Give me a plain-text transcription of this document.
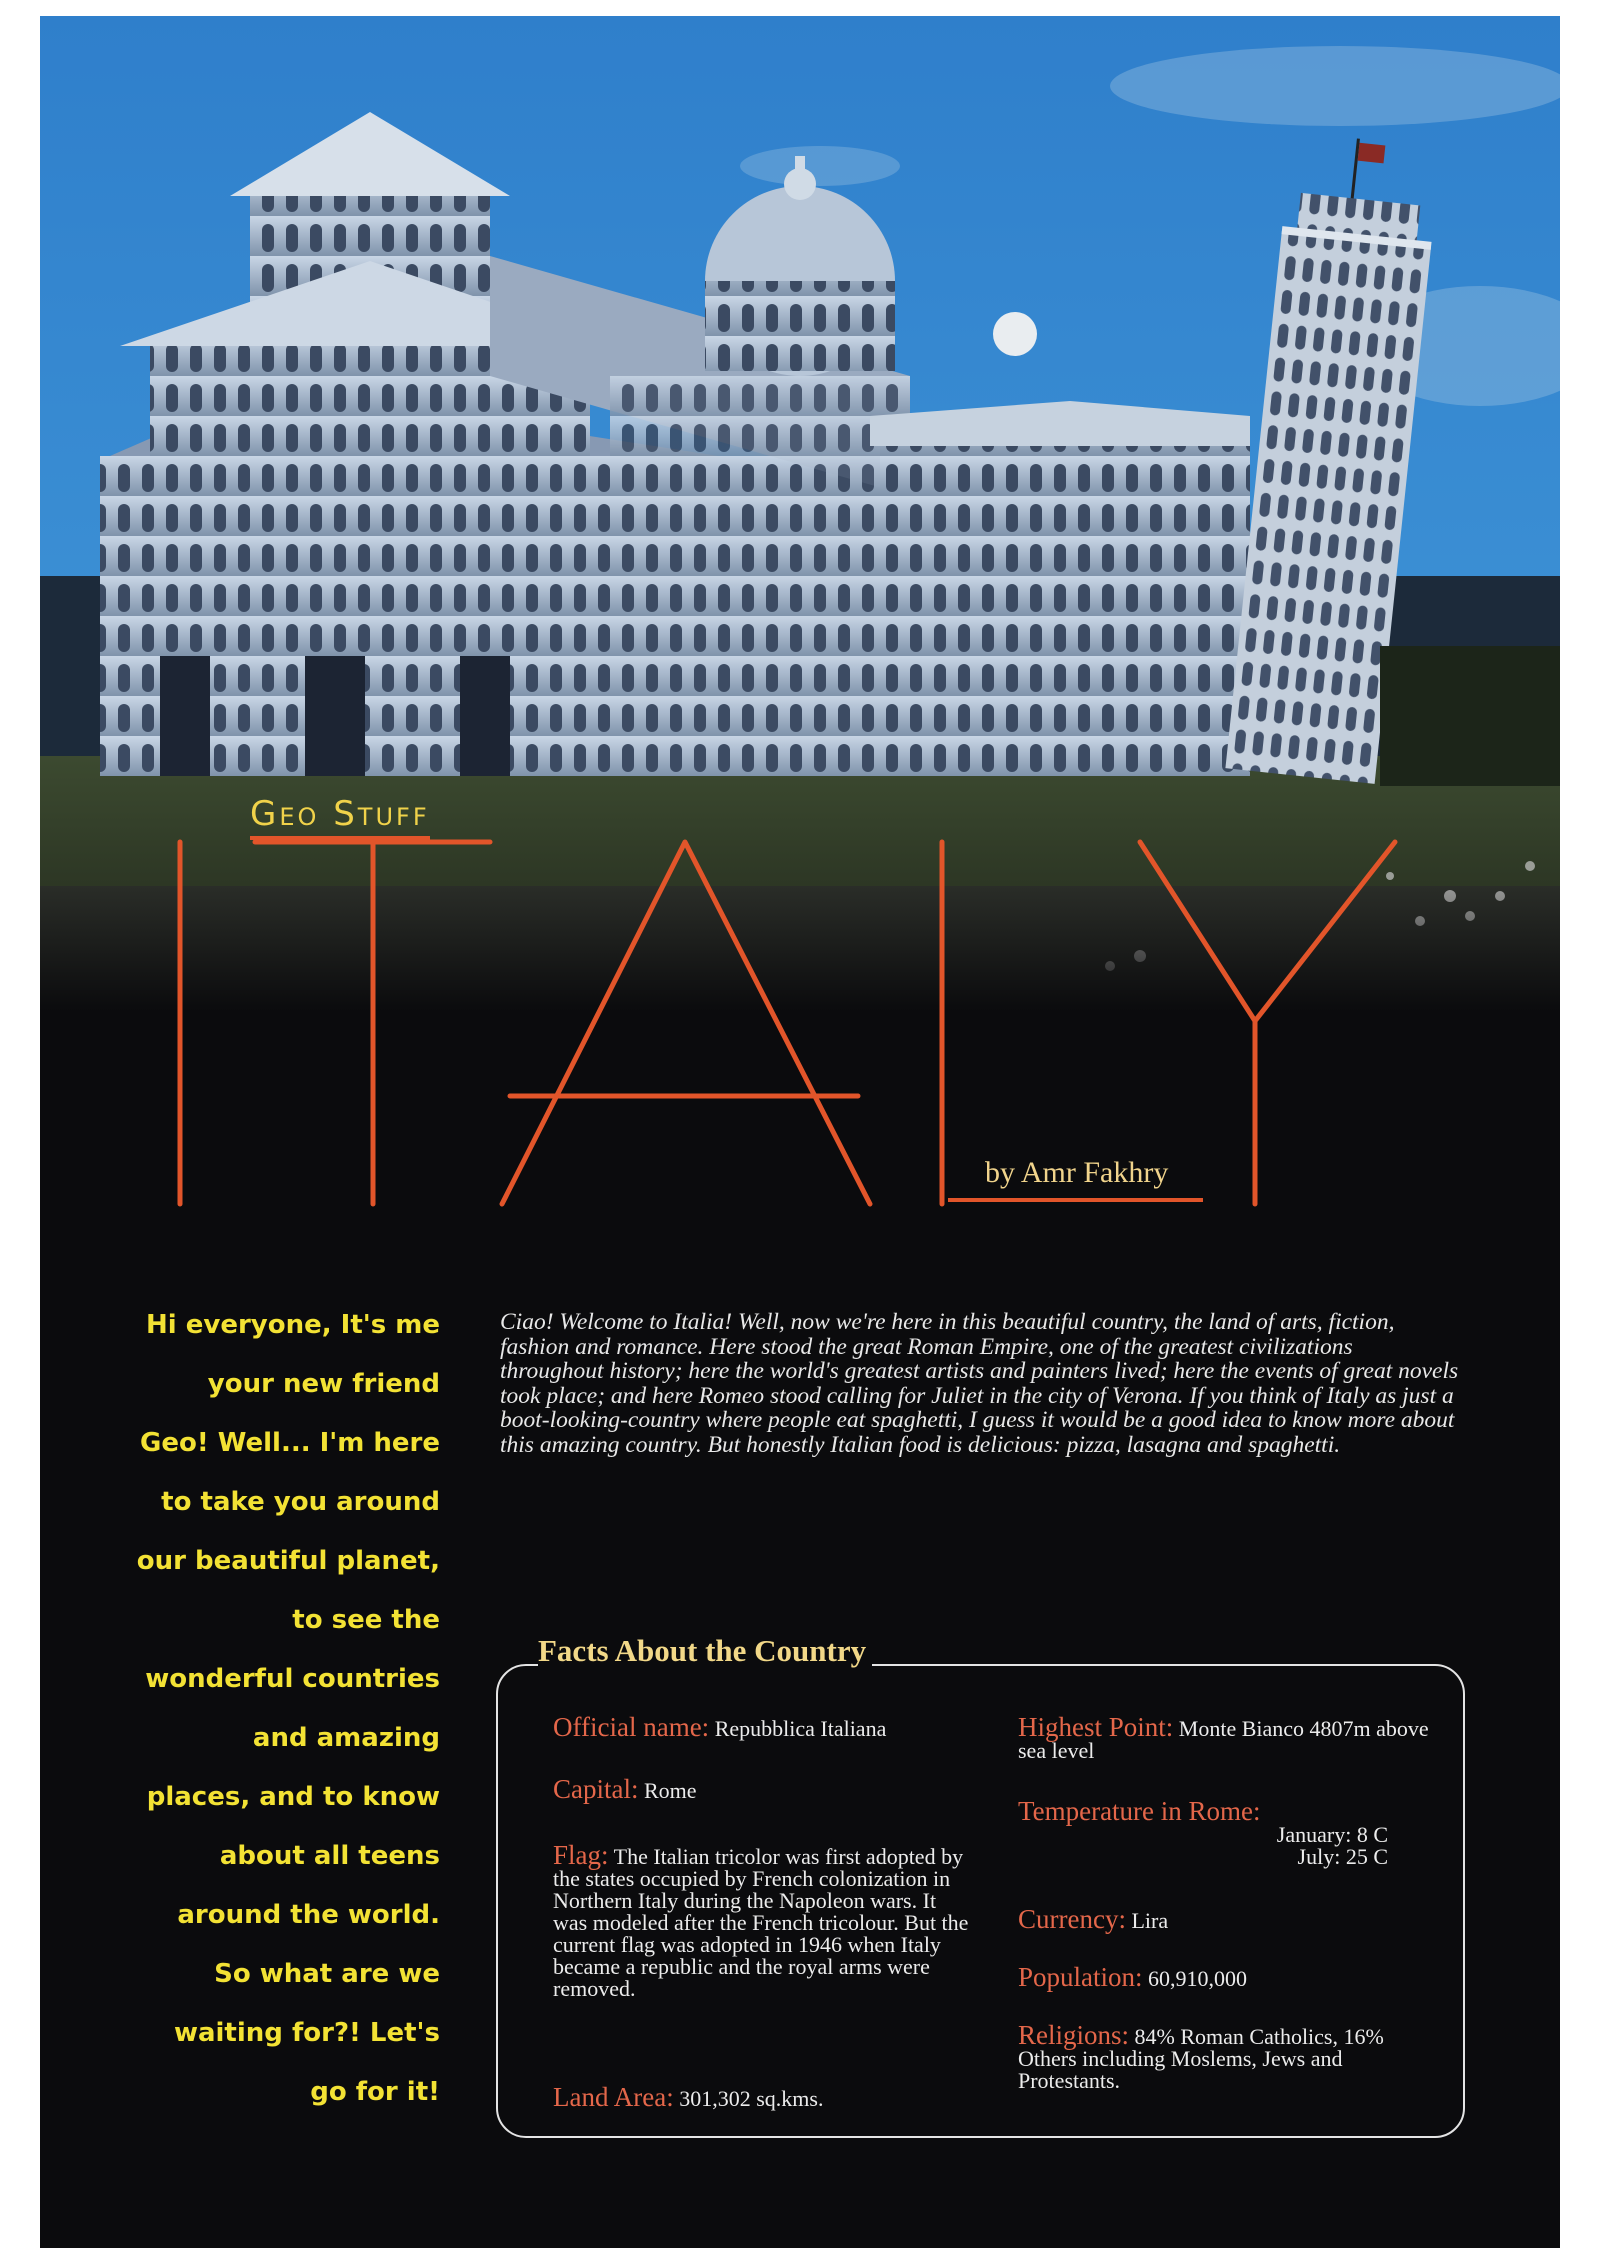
Geo Stuff
by Amr Fakhry
Hi everyone, It's me
your new friend
Geo! Well... I'm here
to take you around
our beautiful planet,
to see the
wonderful countries
and amazing
places, and to know
about all teens
around the world.
So what are we
waiting for?! Let's
go for it!

Ciao! Welcome to Italia! Well, now we're here in this beautiful country, the land of arts, fiction, fashion and romance. Here stood the great Roman Empire, one of the greatest civilizations throughout history; here the world's greatest artists and painters lived; here the events of great novels took place; and here Romeo stood calling for Juliet in the city of Verona. If you think of Italy as just a boot-looking-country where people eat spaghetti, I guess it would be a good idea to know more about this amazing country. But honestly Italian food is delicious: pizza, lasagna and spaghetti.

Facts About the Country
Official name: Repubblica Italiana
Capital: Rome
Flag: The Italian tricolor was first adopted by the states occupied by French colonization in Northern Italy during the Napoleon wars. It was modeled after the French tricolour. But the current flag was adopted in 1946 when Italy became a republic and the royal arms were removed.
Land Area: 301,302 sq.kms.
Highest Point: Monte Bianco 4807m above sea level
Temperature in Rome:
January: 8 C
July: 25 C
Currency: Lira
Population: 60,910,000
Religions: 84% Roman Catholics, 16% Others including Moslems, Jews and Protestants.
